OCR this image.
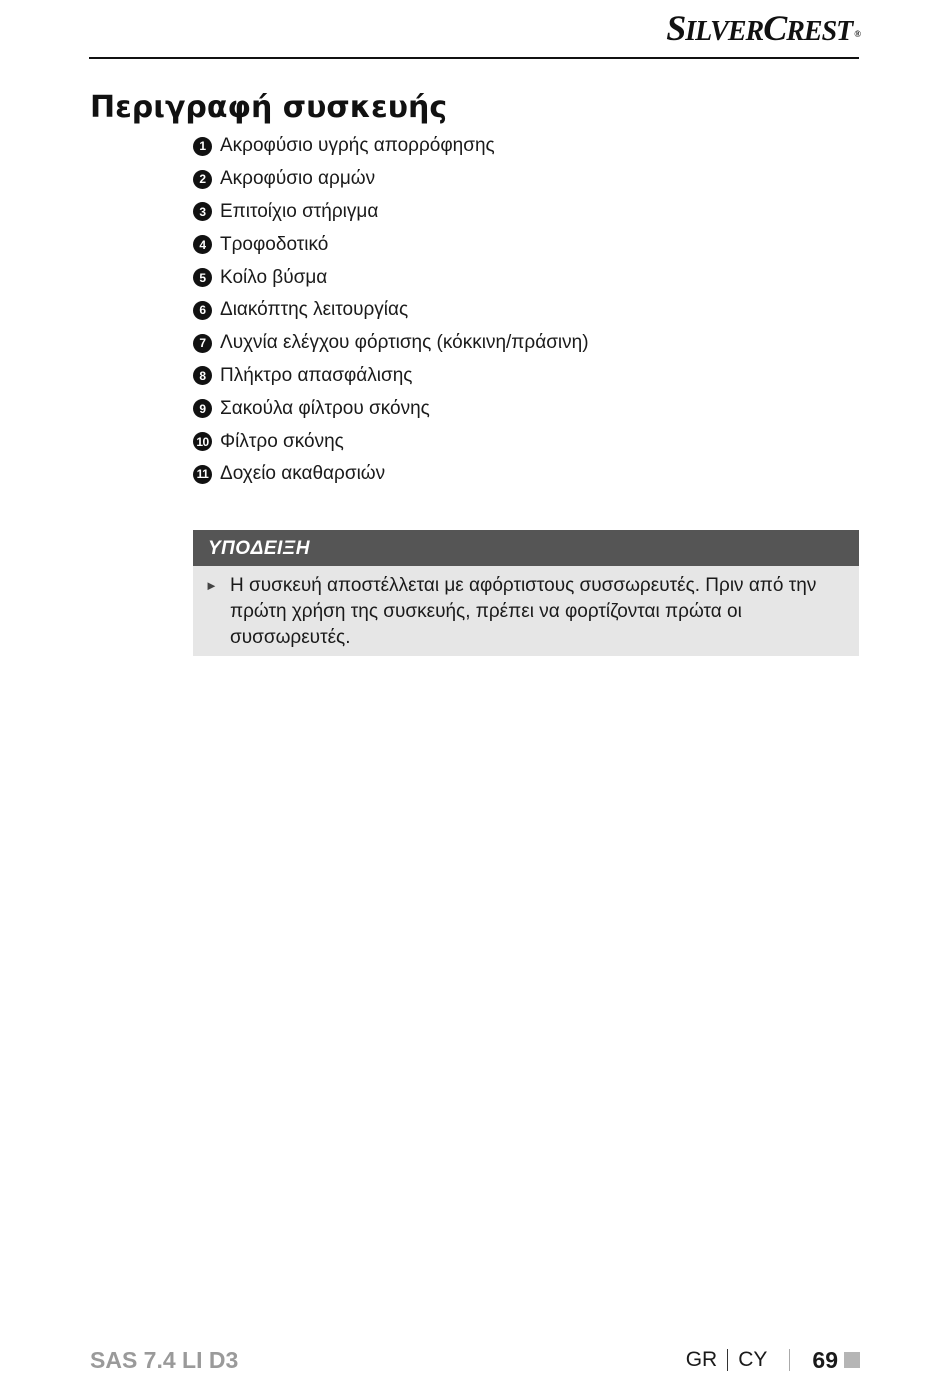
SILVERCREST ®
Περιγραφή συσκευής
1 Ακροφύσιο υγρής απορρόφησης
2 Ακροφύσιο αρμών
3 Επιτοίχιο στήριγμα
4 Τροφοδοτικό
5 Κοίλο βύσμα
6 Διακόπτης λειτουργίας
7 Λυχνία ελέγχου φόρτισης (κόκκινη/πράσινη)
8 Πλήκτρο απασφάλισης
9 Σακούλα φίλτρου σκόνης
10 Φίλτρο σκόνης
11 Δοχείο ακαθαρσιών
ΥΠΟΔΕΙΞΗ
► Η συσκευή αποστέλλεται με αφόρτιστους συσσωρευτές. Πριν από την πρώτη χρήση της συσκευής, πρέπει να φορτίζονται πρώτα οι συσσωρευτές.
SAS 7.4 LI D3	GR CY 69
